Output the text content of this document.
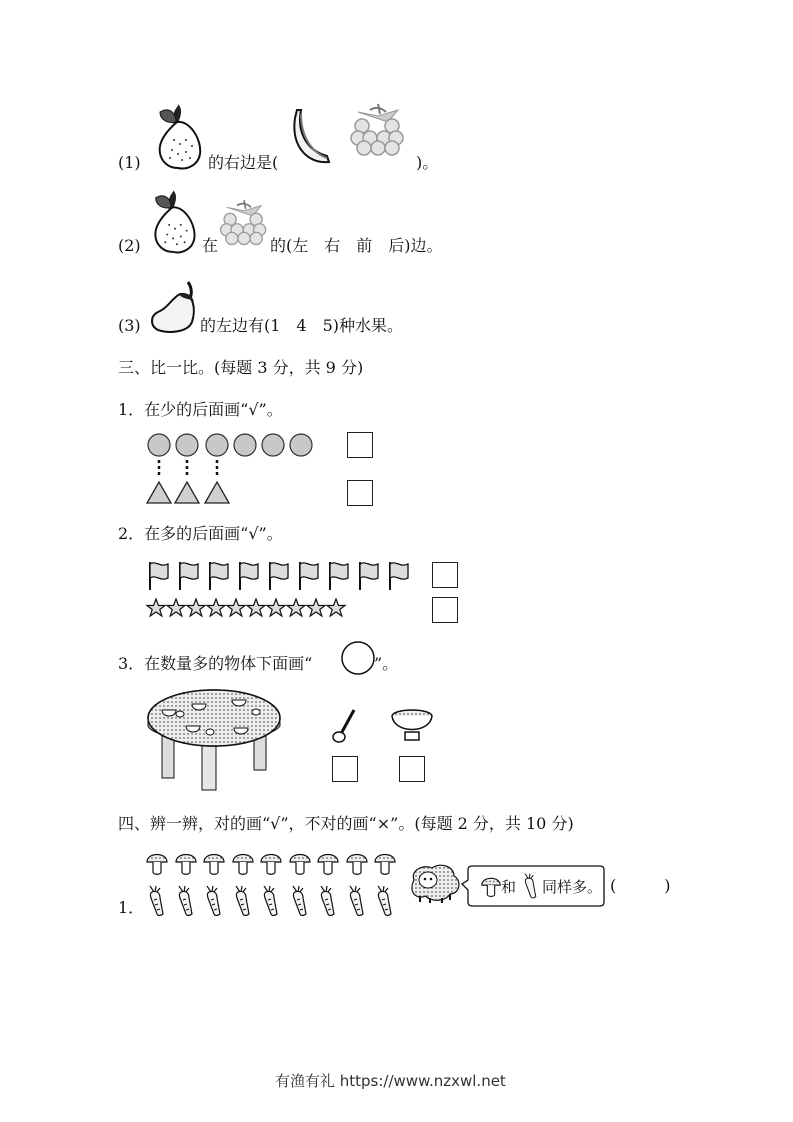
(1)	的右边是(	)。
(2)	在	的(左　右　前　后)边。
(3)	的左边有(1　4　5)种水果。
三、比一比。(每题 3 分，共 9 分)
1．在少的后面画“√”。
2．在多的后面画“√”。
3．在数量多的物体下面画“	”。
四、辨一辨，对的画“√”，不对的画“×”。(每题 2 分，共 10 分)
1．
和 同样多。 (　　　)
有渔有礼 https://www.nzxwl.net
